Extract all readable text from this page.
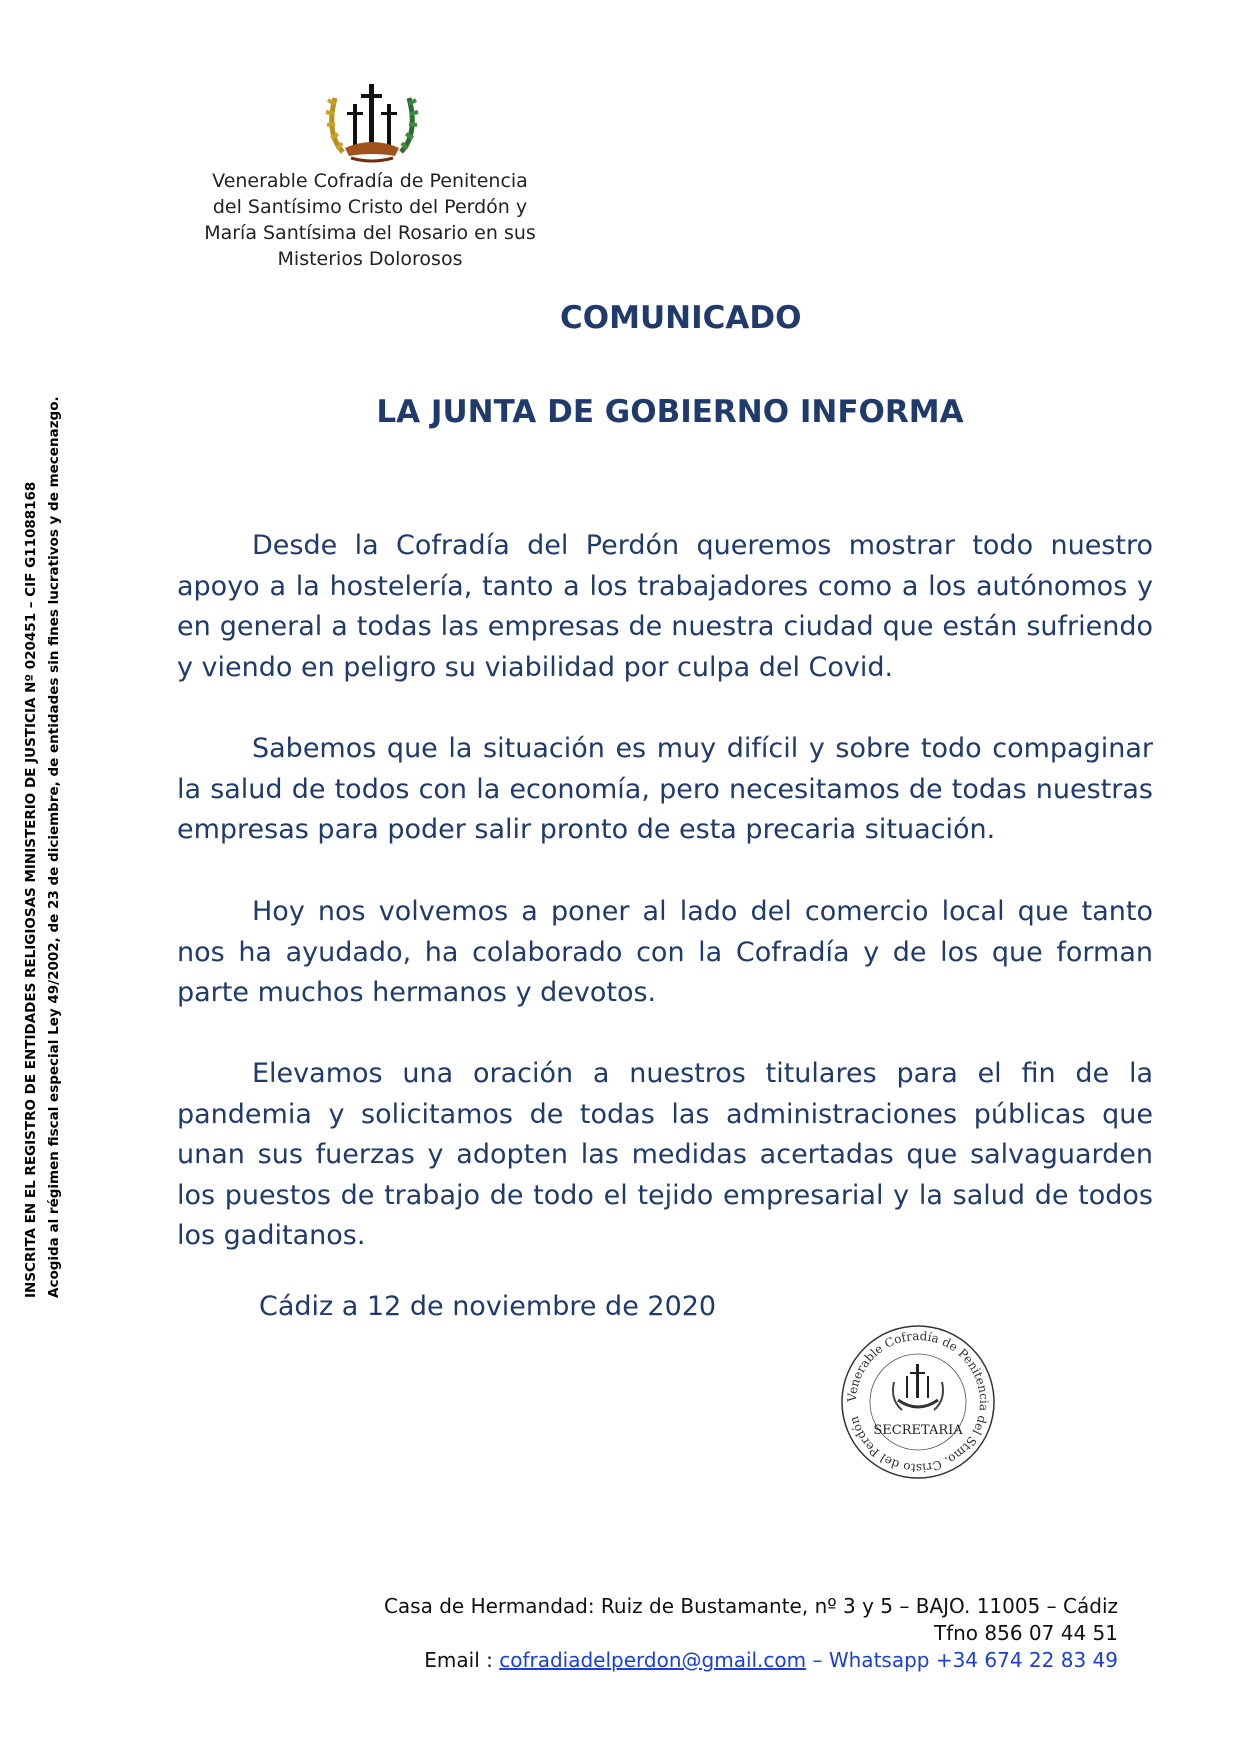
Venerable Cofradía de Penitencia
del Santísimo Cristo del Perdón y
María Santísima del Rosario en sus
Misterios Dolorosos
COMUNICADO
LA JUNTA DE GOBIERNO INFORMA

Desde la Cofradía del Perdón queremos mostrar todo nuestro apoyo a la hostelería, tanto a los trabajadores como a los autónomos y en general a todas las empresas de nuestra ciudad que están sufriendo y viendo en peligro su viabilidad por culpa del Covid.

Sabemos que la situación es muy difícil y sobre todo compaginar la salud de todos con la economía, pero necesitamos de todas nuestras empresas para poder salir pronto de esta precaria situación.

Hoy nos volvemos a poner al lado del comercio local que tanto nos ha ayudado, ha colaborado con la Cofradía y de los que forman parte muchos hermanos y devotos.

Elevamos una oración a nuestros titulares para el fin de la pandemia y solicitamos de todas las administraciones públicas que unan sus fuerzas y adopten las medidas acertadas que salvaguarden los puestos de trabajo de todo el tejido empresarial y la salud de todos los gaditanos.

Cádiz a 12 de noviembre de 2020
Venerable Cofradía de Penitencia del Stmo. Cristo del Perdón
SECRETARIA
INSCRITA EN EL REGISTRO DE ENTIDADES RELIGIOSAS MINISTERIO DE JUSTICIA Nº 020451 – CIF G11088168 Acogida al régimen fiscal especial Ley 49/2002, de 23 de diciembre, de entidades sin fines lucrativos y de mecenazgo.
Casa de Hermandad: Ruiz de Bustamante, nº 3 y 5 – BAJO. 11005 – Cádiz
Tfno 856 07 44 51
Email : cofradiadelperdon@gmail.com – Whatsapp +34 674 22 83 49
